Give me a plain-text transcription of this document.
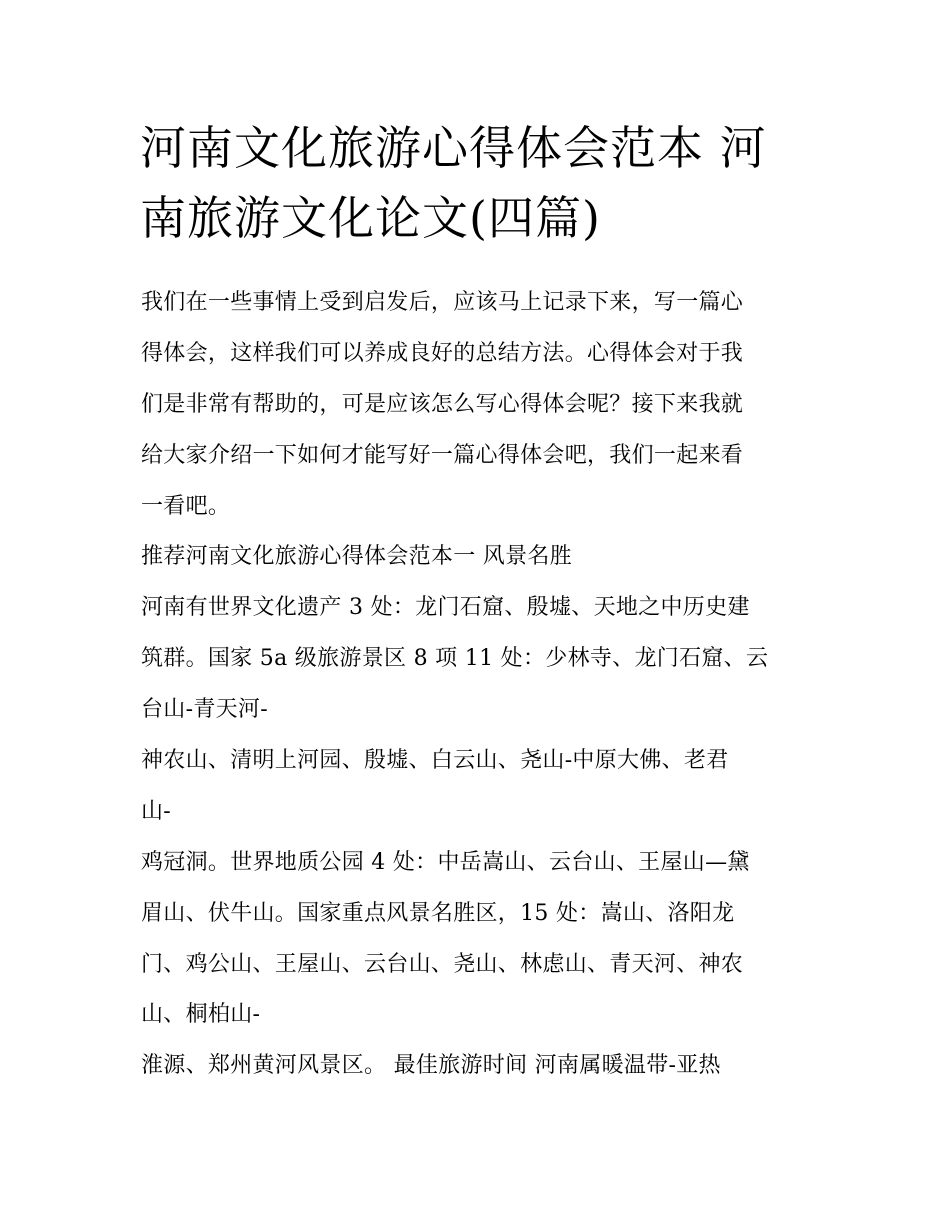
河南文化旅游心得体会范本 河
南旅游文化论文(四篇)
我们在一些事情上受到启发后，应该马上记录下来，写一篇心
得体会，这样我们可以养成良好的总结方法。心得体会对于我
们是非常有帮助的，可是应该怎么写心得体会呢？接下来我就
给大家介绍一下如何才能写好一篇心得体会吧，我们一起来看
一看吧。
推荐河南文化旅游心得体会范本一 风景名胜
河南有世界文化遗产 3 处：龙门石窟、殷墟、天地之中历史建
筑群。国家 5a 级旅游景区 8 项 11 处：少林寺、龙门石窟、云
台山-青天河-
神农山、清明上河园、殷墟、白云山、尧山-中原大佛、老君
山-
鸡冠洞。世界地质公园 4 处：中岳嵩山、云台山、王屋山—黛
眉山、伏牛山。国家重点风景名胜区，15 处：嵩山、洛阳龙
门、鸡公山、王屋山、云台山、尧山、林虑山、青天河、神农
山、桐柏山-
淮源、郑州黄河风景区。 最佳旅游时间 河南属暖温带-亚热
